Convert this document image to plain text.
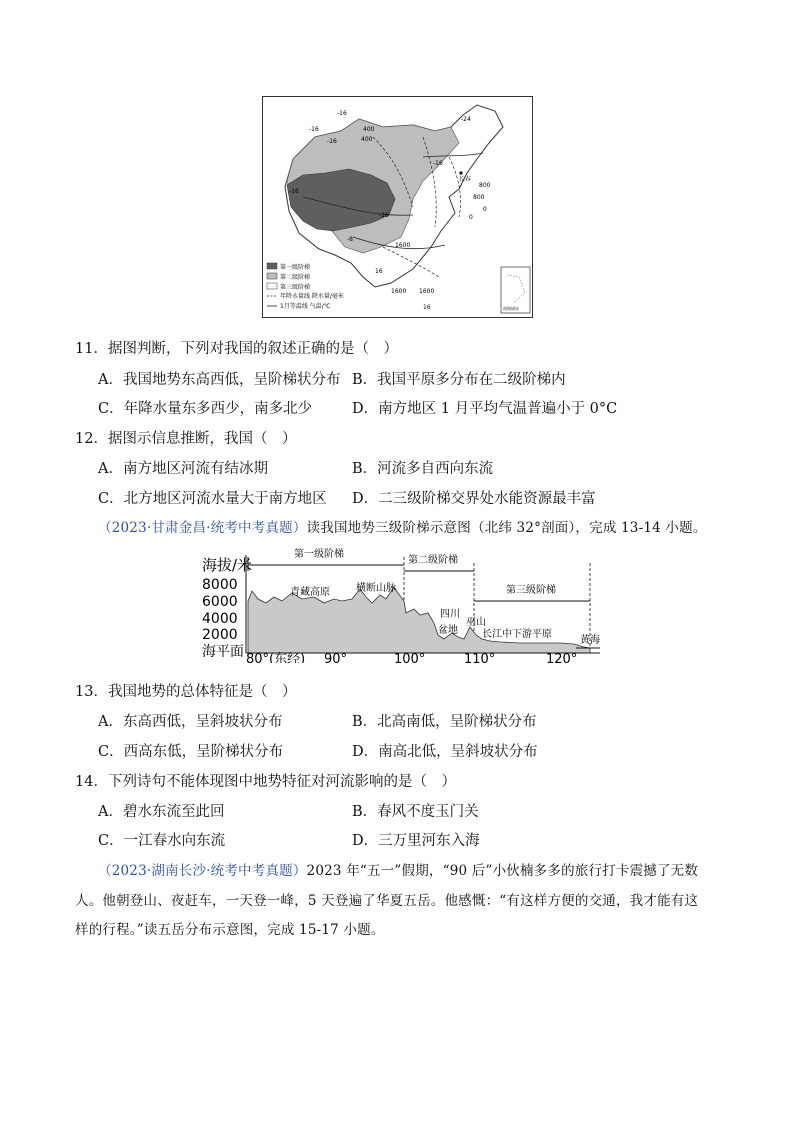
-16
-16	400
-16	400
-16
-16
-16
-24
-8
800
800
0
0
1600
1600 1600
16
16
长春
第一级阶梯
第二级阶梯
第三级阶梯
年降水量线 降水量/毫米
1月等温线 气温/℃	南海诸岛
11．据图判断，下列对我国的叙述正确的是（　）
A．我国地势东高西低，呈阶梯状分布 B．我国平原多分布在二级阶梯内
C．年降水量东多西少，南多北少	D．南方地区 1 月平均气温普遍小于 0°C
12．据图示信息推断，我国（　）
A．南方地区河流有结冰期	B．河流多自西向东流
C．北方地区河流水量大于南方地区 D．二三级阶梯交界处水能资源最丰富
（2023·甘肃金昌·统考中考真题）读我国地势三级阶梯示意图（北纬 32°剖面），完成 13-14 小题。
第一级阶梯
第二级阶梯
第三级阶梯
海拔/米
8000
6000
4000
2000
海平面
青藏高原	横断山脉
四川
盆地
巫山
长江中下游平原
黄海
80°(东经) 90°	100°	110°	120°
13．我国地势的总体特征是（　）
A．东高西低，呈斜坡状分布	B．北高南低，呈阶梯状分布
C．西高东低，呈阶梯状分布	D．南高北低，呈斜坡状分布
14．下列诗句不能体现图中地势特征对河流影响的是（　）
A．碧水东流至此回	B．春风不度玉门关
C．一江春水向东流	D．三万里河东入海
（2023·湖南长沙·统考中考真题）2023 年“五一”假期，“90 后”小伙楠多多的旅行打卡震撼了无数
人。他朝登山、夜赶车，一天登一峰，5 天登遍了华夏五岳。他感慨：“有这样方便的交通，我才能有这
样的行程。”读五岳分布示意图，完成 15-17 小题。
